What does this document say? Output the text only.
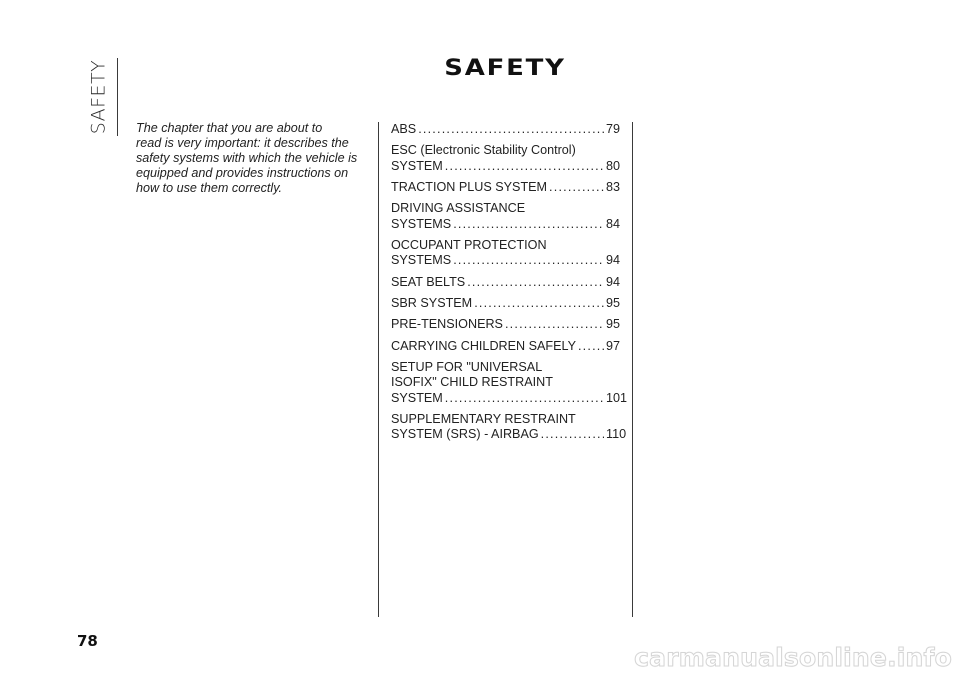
SAFETY	SAFETY
The chapter that you are about to
read is very important: it describes the
safety systems with which the vehicle is
equipped and provides instructions on
how to use them correctly.
ABS .....	79
ESC (Electronic Stability Control)
SYSTEM .....	80
TRACTION PLUS SYSTEM .....	83
DRIVING ASSISTANCE
SYSTEMS .....	84
OCCUPANT PROTECTION
SYSTEMS .....	94
SEAT BELTS .....	94
SBR SYSTEM .....	95
PRE-TENSIONERS .....	95
CARRYING CHILDREN SAFELY ..... 97
SETUP FOR "UNIVERSAL
ISOFIX" CHILD RESTRAINT
SYSTEM .....	101
SUPPLEMENTARY RESTRAINT
SYSTEM (SRS) - AIRBAG .....	110
78
carmanualsonline.info
